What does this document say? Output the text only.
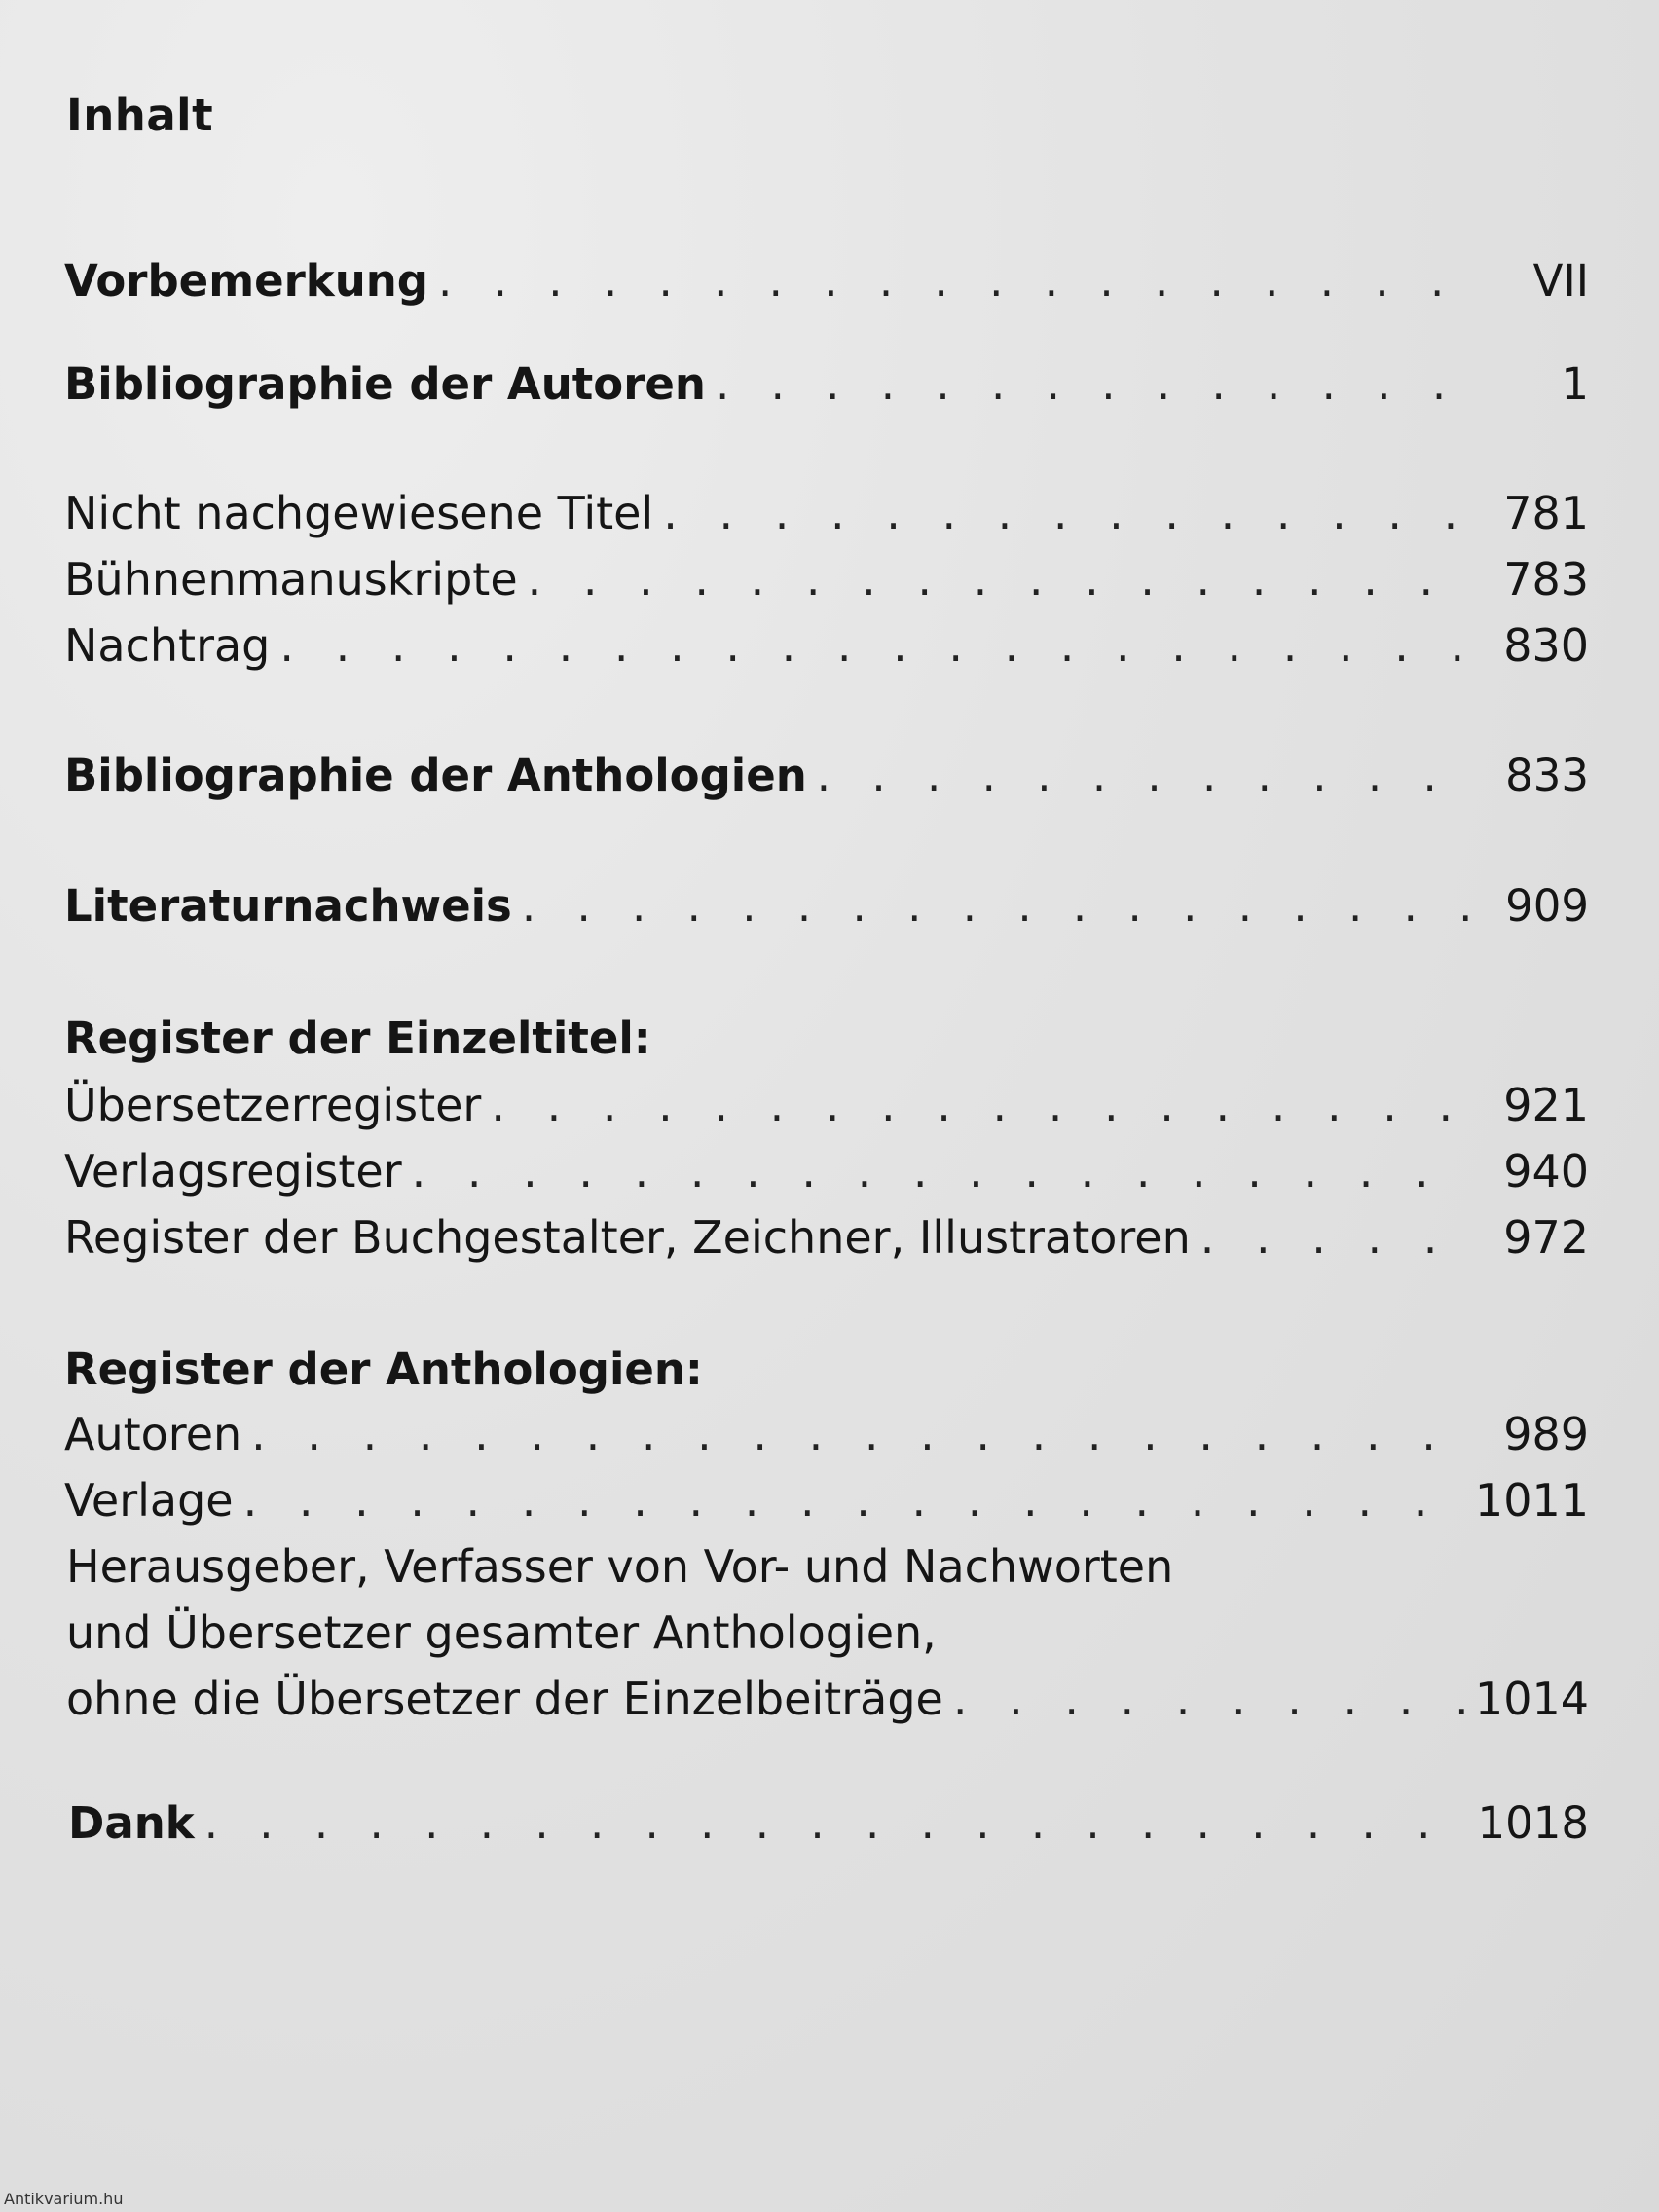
Inhalt
Vorbemerkung . . .	VII
Bibliographie der Autoren . . .	1
Nicht nachgewiesene Titel . . .	781
Bühnenmanuskripte . . .	783
Nachtrag . . .	830
Bibliographie der Anthologien . . .	833
Literaturnachweis . . .	909
Register der Einzeltitel:
Übersetzerregister . . .	921
Verlagsregister . . .	940
Register der Buchgestalter, Zeichner, Illustratoren . . .	972
Register der Anthologien:
Autoren . . .	989
Verlage . . .	1011
Herausgeber, Verfasser von Vor- und Nachworten
und Übersetzer gesamter Anthologien,
ohne die Übersetzer der Einzelbeiträge . . .	1014
Dank . . .	1018
Antikvarium.hu
